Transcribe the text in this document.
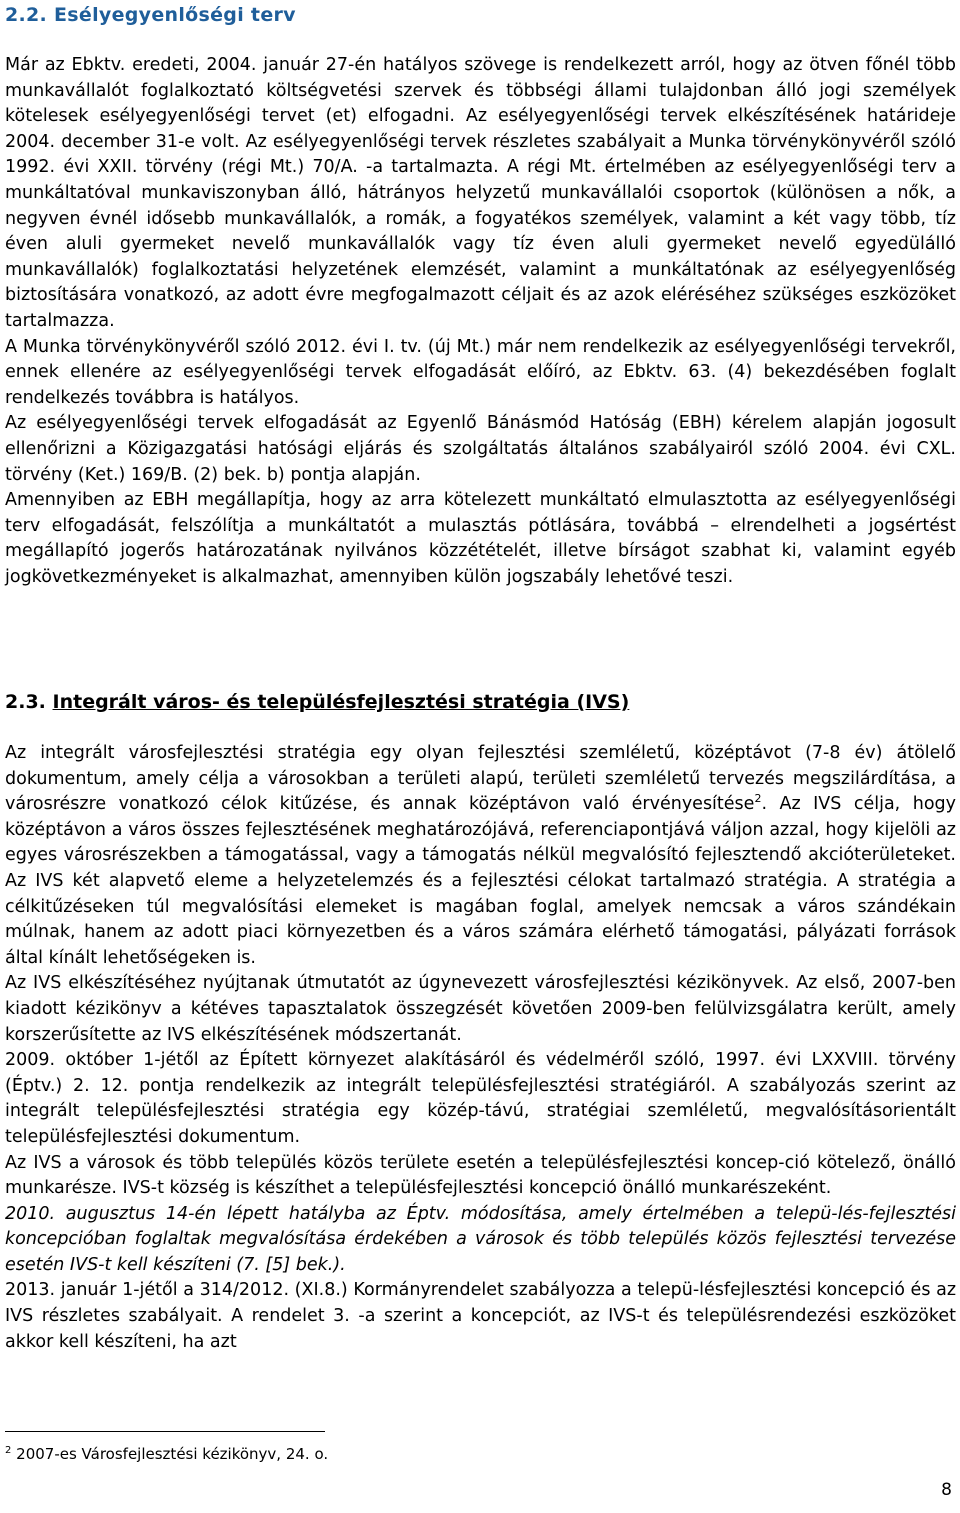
2.2. Esélyegyenlőségi terv

Már az Ebktv. eredeti, 2004. január 27-én hatályos szövege is rendelkezett arról, hogy az ötven főnél több munkavállalót foglalkoztató költségvetési szervek és többségi állami tulajdonban álló jogi személyek kötelesek esélyegyenlőségi tervet (et) elfogadni. Az esélyegyenlőségi tervek elkészítésének határideje 2004. december 31-e volt. Az esélyegyenlőségi tervek részletes szabályait a Munka törvénykönyvéről szóló 1992. évi XXII. törvény (régi Mt.) 70/A. -a tartalmazta. A régi Mt. értelmében az esélyegyenlőségi terv a munkáltatóval munkaviszonyban álló, hátrányos helyzetű munkavállalói csoportok (különösen a nők, a negyven évnél idősebb munkavállalók, a romák, a fogyatékos személyek, valamint a két vagy több, tíz éven aluli gyermeket nevelő munkavállalók vagy tíz éven aluli gyermeket nevelő egyedülálló munkavállalók) foglalkoztatási helyzetének elemzését, valamint a munkáltatónak az esélyegyenlőség biztosítására vonatkozó, az adott évre megfogalmazott céljait és az azok eléréséhez szükséges eszközöket tartalmazza.

A Munka törvénykönyvéről szóló 2012. évi I. tv. (új Mt.) már nem rendelkezik az esélyegyenlőségi tervekről, ennek ellenére az esélyegyenlőségi tervek elfogadását előíró, az Ebktv. 63. (4) bekezdésében foglalt rendelkezés továbbra is hatályos.

Az esélyegyenlőségi tervek elfogadását az Egyenlő Bánásmód Hatóság (EBH) kérelem alapján jogosult ellenőrizni a Közigazgatási hatósági eljárás és szolgáltatás általános szabályairól szóló 2004. évi CXL. törvény (Ket.) 169/B. (2) bek. b) pontja alapján.

Amennyiben az EBH megállapítja, hogy az arra kötelezett munkáltató elmulasztotta az esélyegyenlőségi terv elfogadását, felszólítja a munkáltatót a mulasztás pótlására, továbbá – elrendelheti a jogsértést megállapító jogerős határozatának nyilvános közzétételét, illetve bírságot szabhat ki, valamint egyéb jogkövetkezményeket is alkalmazhat, amennyiben külön jogszabály lehetővé teszi.

2.3. Integrált város- és településfejlesztési stratégia (IVS)

Az integrált városfejlesztési stratégia egy olyan fejlesztési szemléletű, középtávot (7-8 év) átölelő dokumentum, amely célja a városokban a területi alapú, területi szemléletű tervezés megszilárdítása, a városrészre vonatkozó célok kitűzése, és annak középtávon való érvényesítése$^2$. Az IVS célja, hogy középtávon a város összes fejlesztésének meghatározójává, referenciapontjává váljon azzal, hogy kijelöli az egyes városrészekben a támogatással, vagy a támogatás nélkül megvalósító fejlesztendő akcióterületeket. Az IVS két alapvető eleme a helyzetelemzés és a fejlesztési célokat tartalmazó stratégia. A stratégia a célkitűzéseken túl megvalósítási elemeket is magában foglal, amelyek nemcsak a város szándékain múlnak, hanem az adott piaci környezetben és a város számára elérhető támogatási, pályázati források által kínált lehetőségeken is.

Az IVS elkészítéséhez nyújtanak útmutatót az úgynevezett városfejlesztési kézikönyvek. Az első, 2007-ben kiadott kézikönyv a kétéves tapasztalatok összegzését követően 2009-ben felülvizsgálatra került, amely korszerűsítette az IVS elkészítésének módszertanát.

2009. október 1-jétől az Épített környezet alakításáról és védelméről szóló, 1997. évi LXXVIII. törvény (Éptv.) 2. 12. pontja rendelkezik az integrált településfejlesztési stratégiáról. A szabályozás szerint az integrált településfejlesztési stratégia egy közép-távú, stratégiai szemléletű, megvalósításorientált településfejlesztési dokumentum.

Az IVS a városok és több település közös területe esetén a településfejlesztési koncep-ció kötelező, önálló munkarésze. IVS-t község is készíthet a településfejlesztési koncepció önálló munkarészeként.

2010. augusztus 14-én lépett hatályba az Éptv. módosítása, amely értelmében a telepü-lés-fejlesztési koncepcióban foglaltak megvalósítása érdekében a városok és több település közös fejlesztési tervezése esetén IVS-t kell készíteni (7. [5] bek.).

2013. január 1-jétől a 314/2012. (XI.8.) Kormányrendelet szabályozza a telepü-lésfejlesztési koncepció és az IVS részletes szabályait. A rendelet 3. -a szerint a koncepciót, az IVS-t és településrendezési eszközöket akkor kell készíteni, ha azt

$^2$ 2007-es Városfejlesztési kézikönyv, 24. o.
8
